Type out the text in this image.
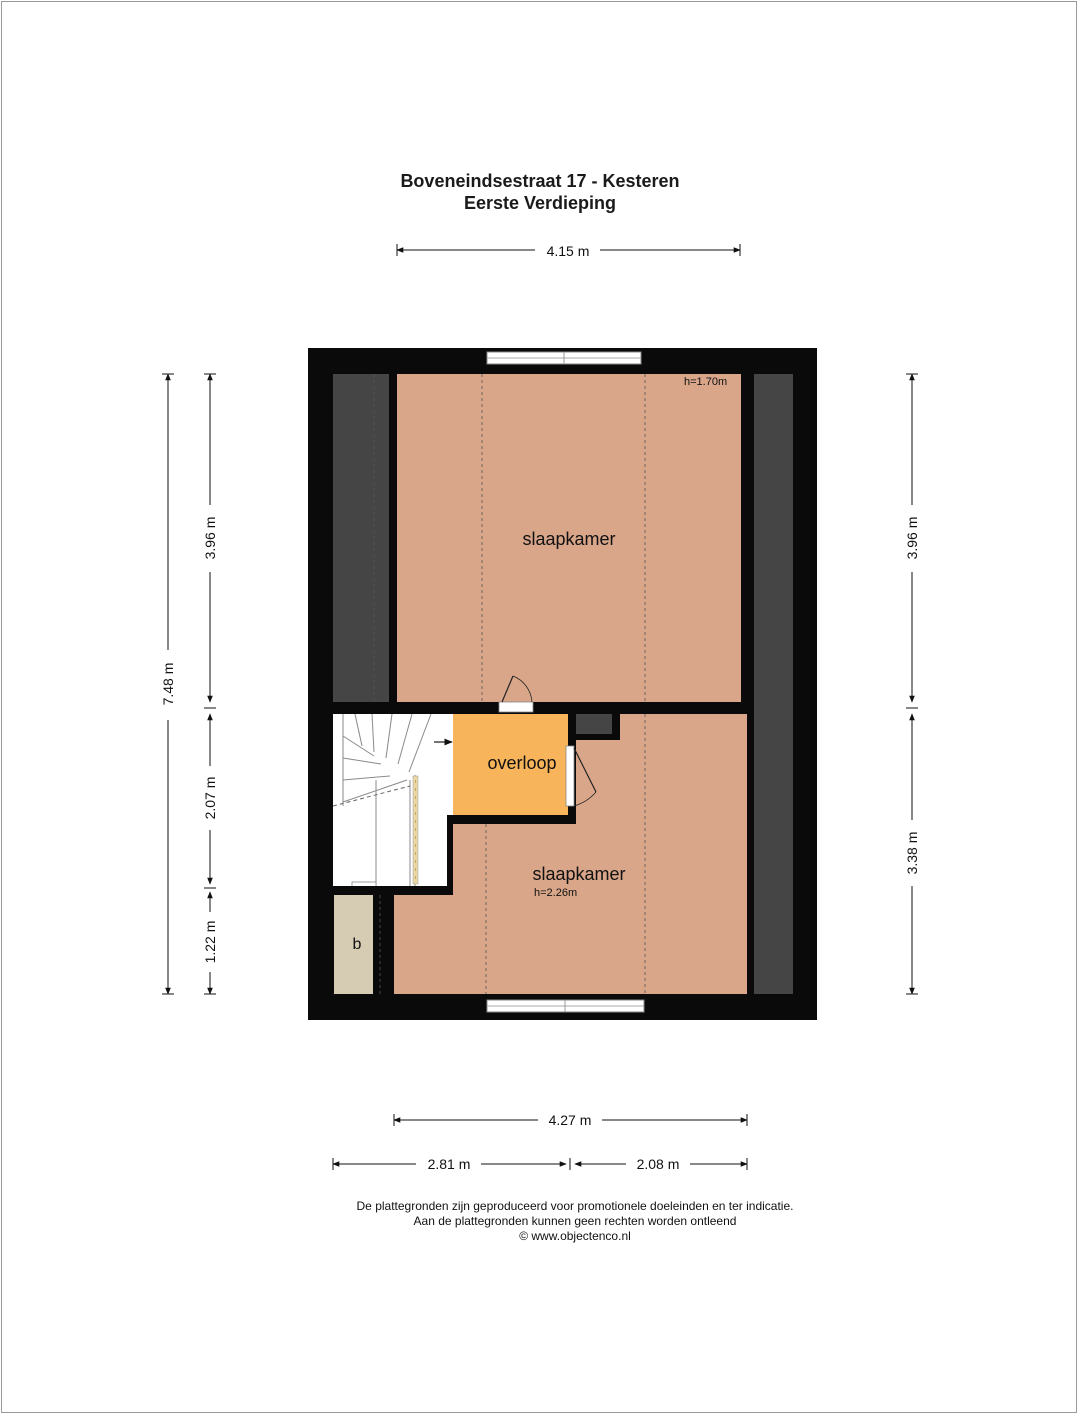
Boveneindsestraat 17 - Kesteren
Eerste Verdieping
slaapkamer
h=1.70m
overloop
slaapkamer
h=2.26m
b
4.15 m
7.48 m
3.96 m
2.07 m
1.22 m
3.96 m
3.38 m
4.27 m
2.81 m	2.08 m
De plattegronden zijn geproduceerd voor promotionele doeleinden en ter indicatie.
Aan de plattegronden kunnen geen rechten worden ontleend
© www.objectenco.nl
